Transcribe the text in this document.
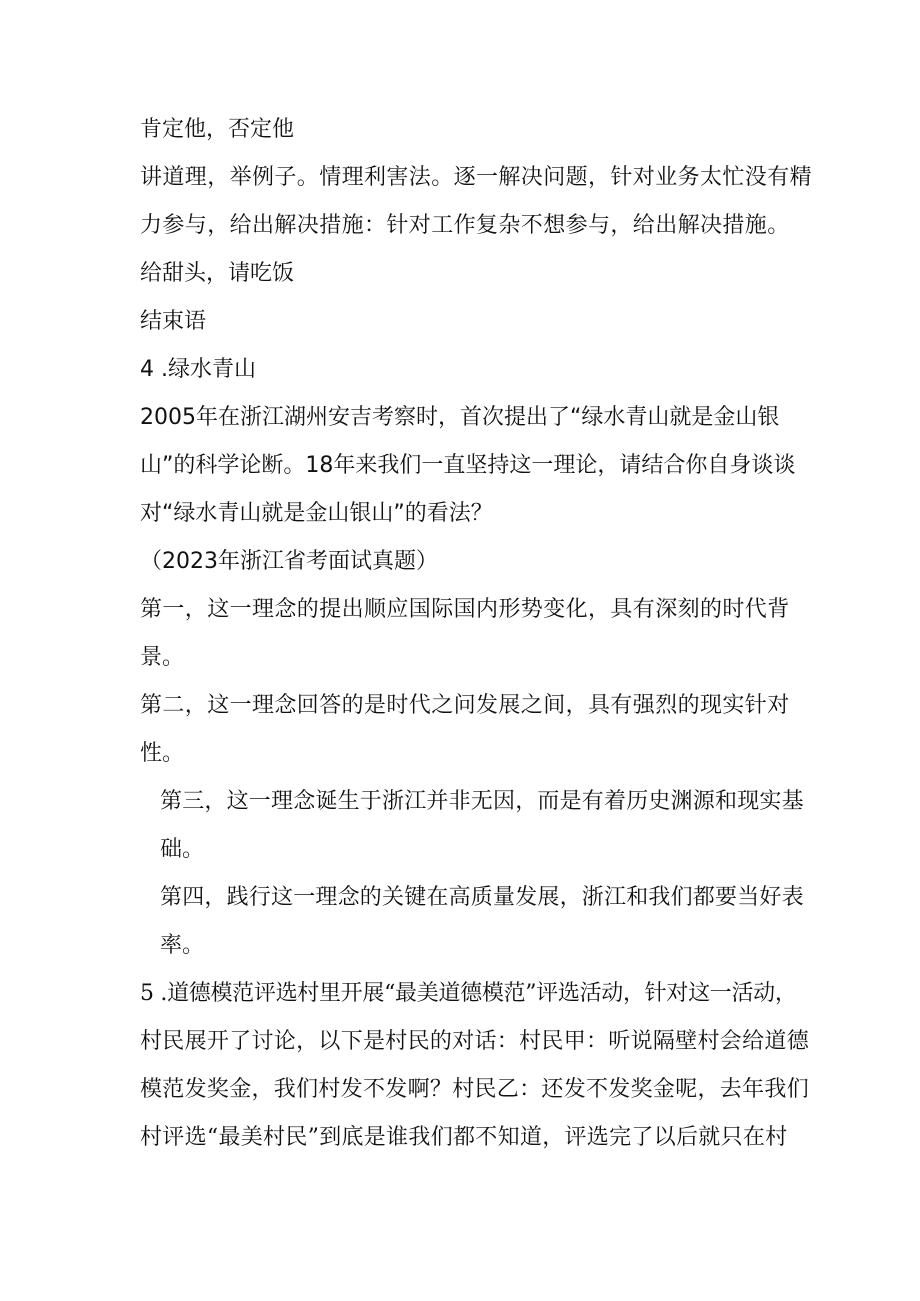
肯定他，否定他

讲道理，举例子。情理利害法。逐一解决问题，针对业务太忙没有精

力参与，给出解决措施：针对工作复杂不想参与，给出解决措施。

给甜头，请吃饭

结束语

4 .绿水青山

2005年在浙江湖州安吉考察时，首次提出了“绿水青山就是金山银

山”的科学论断。18年来我们一直坚持这一理论，请结合你自身谈谈

对“绿水青山就是金山银山”的看法？

（2023年浙江省考面试真题）

第一，这一理念的提出顺应国际国内形势变化，具有深刻的时代背

景。

第二，这一理念回答的是时代之问发展之间，具有强烈的现实针对

性。

第三，这一理念诞生于浙江并非无因，而是有着历史渊源和现实基

础。

第四，践行这一理念的关键在高质量发展，浙江和我们都要当好表

率。

5 .道德模范评选村里开展“最美道德模范”评选活动，针对这一活动，

村民展开了讨论，以下是村民的对话：村民甲：听说隔壁村会给道德

模范发奖金，我们村发不发啊？村民乙：还发不发奖金呢，去年我们

村评选“最美村民”到底是谁我们都不知道，评选完了以后就只在村
